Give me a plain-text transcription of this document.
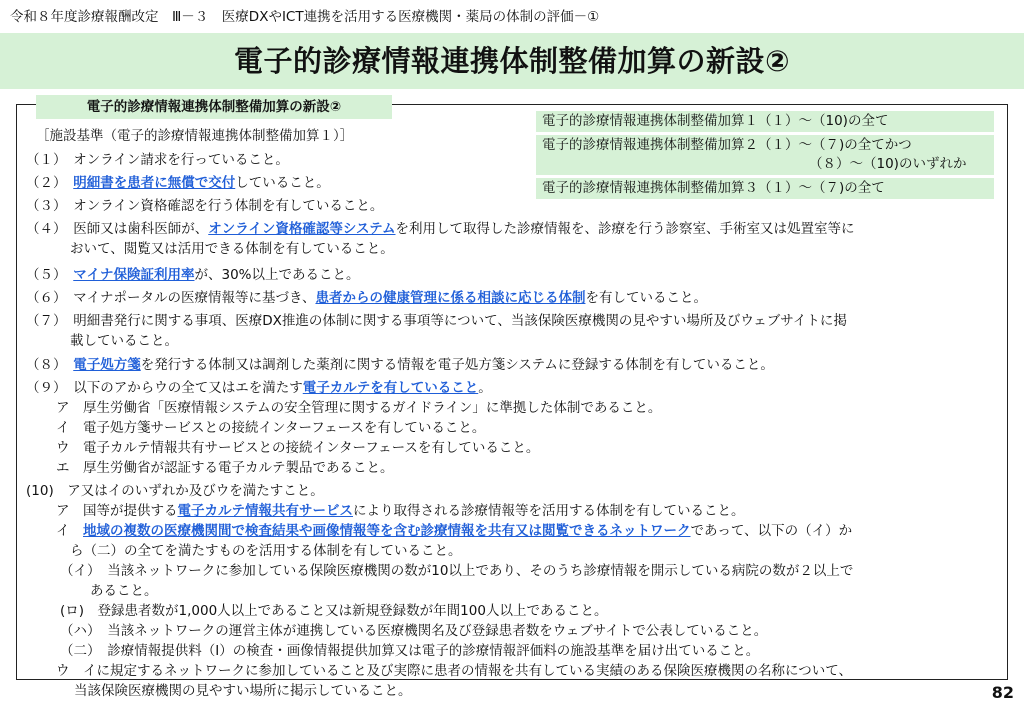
令和８年度診療報酬改定　Ⅲ－３　医療DXやICT連携を活用する医療機関・薬局の体制の評価－①
電子的診療情報連携体制整備加算の新設②
電子的診療情報連携体制整備加算の新設②
電子的診療情報連携体制整備加算１（１）～（10)の全て
電子的診療情報連携体制整備加算２（１）～（７)の全てかつ
（８）～（10)のいずれか
電子的診療情報連携体制整備加算３（１）～（７)の全て
［施設基準（電子的診療情報連携体制整備加算１）］
（１）　オンライン請求を行っていること。
（２）　明細書を患者に無償で交付していること。
（３）　オンライン資格確認を行う体制を有していること。
（４）　医師又は歯科医師が、オンライン資格確認等システムを利用して取得した診療情報を、診療を行う診察室、手術室又は処置室等に
おいて、閲覧又は活用できる体制を有していること。
（５）　マイナ保険証利用率が、30%以上であること。
（６）　マイナポータルの医療情報等に基づき、患者からの健康管理に係る相談に応じる体制を有していること。
（７）　明細書発行に関する事項、医療DX推進の体制に関する事項等について、当該保険医療機関の見やすい場所及びウェブサイトに掲
載していること。
（８）　電子処方箋を発行する体制又は調剤した薬剤に関する情報を電子処方箋システムに登録する体制を有していること。
（９）　以下のアからウの全て又はエを満たす電子カルテを有していること。
ア　厚生労働省「医療情報システムの安全管理に関するガイドライン」に準拠した体制であること。
イ　電子処方箋サービスとの接続インターフェースを有していること。
ウ　電子カルテ情報共有サービスとの接続インターフェースを有していること。
エ　厚生労働省が認証する電子カルテ製品であること。
(10)　ア又はイのいずれか及びウを満たすこと。
ア　国等が提供する電子カルテ情報共有サービスにより取得される診療情報等を活用する体制を有していること。
イ　地域の複数の医療機関間で検査結果や画像情報等を含む診療情報を共有又は閲覧できるネットワークであって、以下の（イ）か
ら（二）の全てを満たすものを活用する体制を有していること。
（イ）　当該ネットワークに参加している保険医療機関の数が10以上であり、そのうち診療情報を開示している病院の数が２以上で
あること。
(ロ)　登録患者数が1,000人以上であること又は新規登録数が年間100人以上であること。
（ハ）　当該ネットワークの運営主体が連携している医療機関名及び登録患者数をウェブサイトで公表していること。
（二）　診療情報提供料（Ⅰ）の検査・画像情報提供加算又は電子的診療情報評価料の施設基準を届け出ていること。
ウ　イに規定するネットワークに参加していること及び実際に患者の情報を共有している実績のある保険医療機関の名称について、
当該保険医療機関の見やすい場所に掲示していること。	82
